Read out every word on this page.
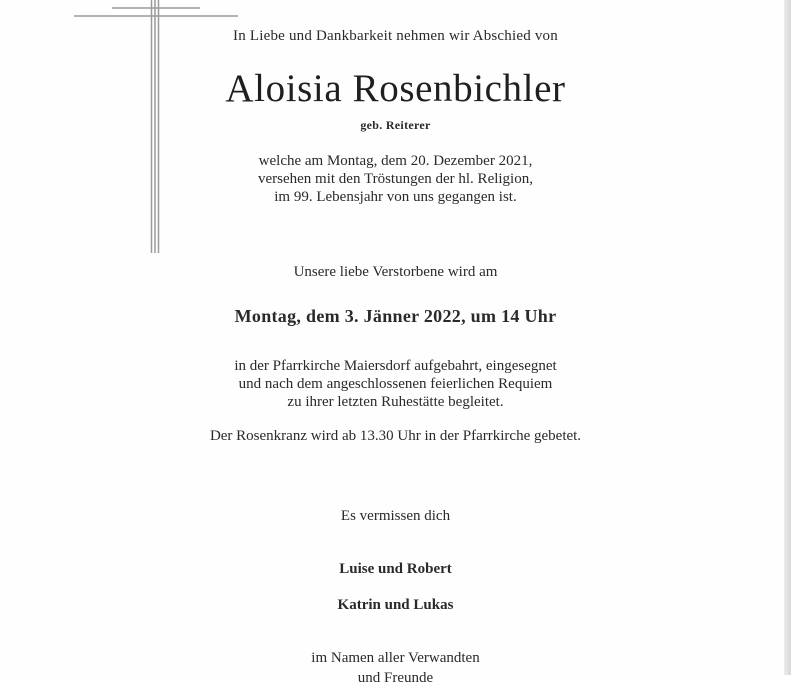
In Liebe und Dankbarkeit nehmen wir Abschied von
Aloisia Rosenbichler
geb. Reiterer
welche am Montag, dem 20. Dezember 2021,
versehen mit den Tröstungen der hl. Religion,
im 99. Lebensjahr von uns gegangen ist.
Unsere liebe Verstorbene wird am
Montag, dem 3. Jänner 2022, um 14 Uhr
in der Pfarrkirche Maiersdorf aufgebahrt, eingesegnet
und nach dem angeschlossenen feierlichen Requiem
zu ihrer letzten Ruhestätte begleitet.
Der Rosenkranz wird ab 13.30 Uhr in der Pfarrkirche gebetet.
Es vermissen dich
Luise und Robert
Katrin und Lukas
im Namen aller Verwandten
und Freunde
